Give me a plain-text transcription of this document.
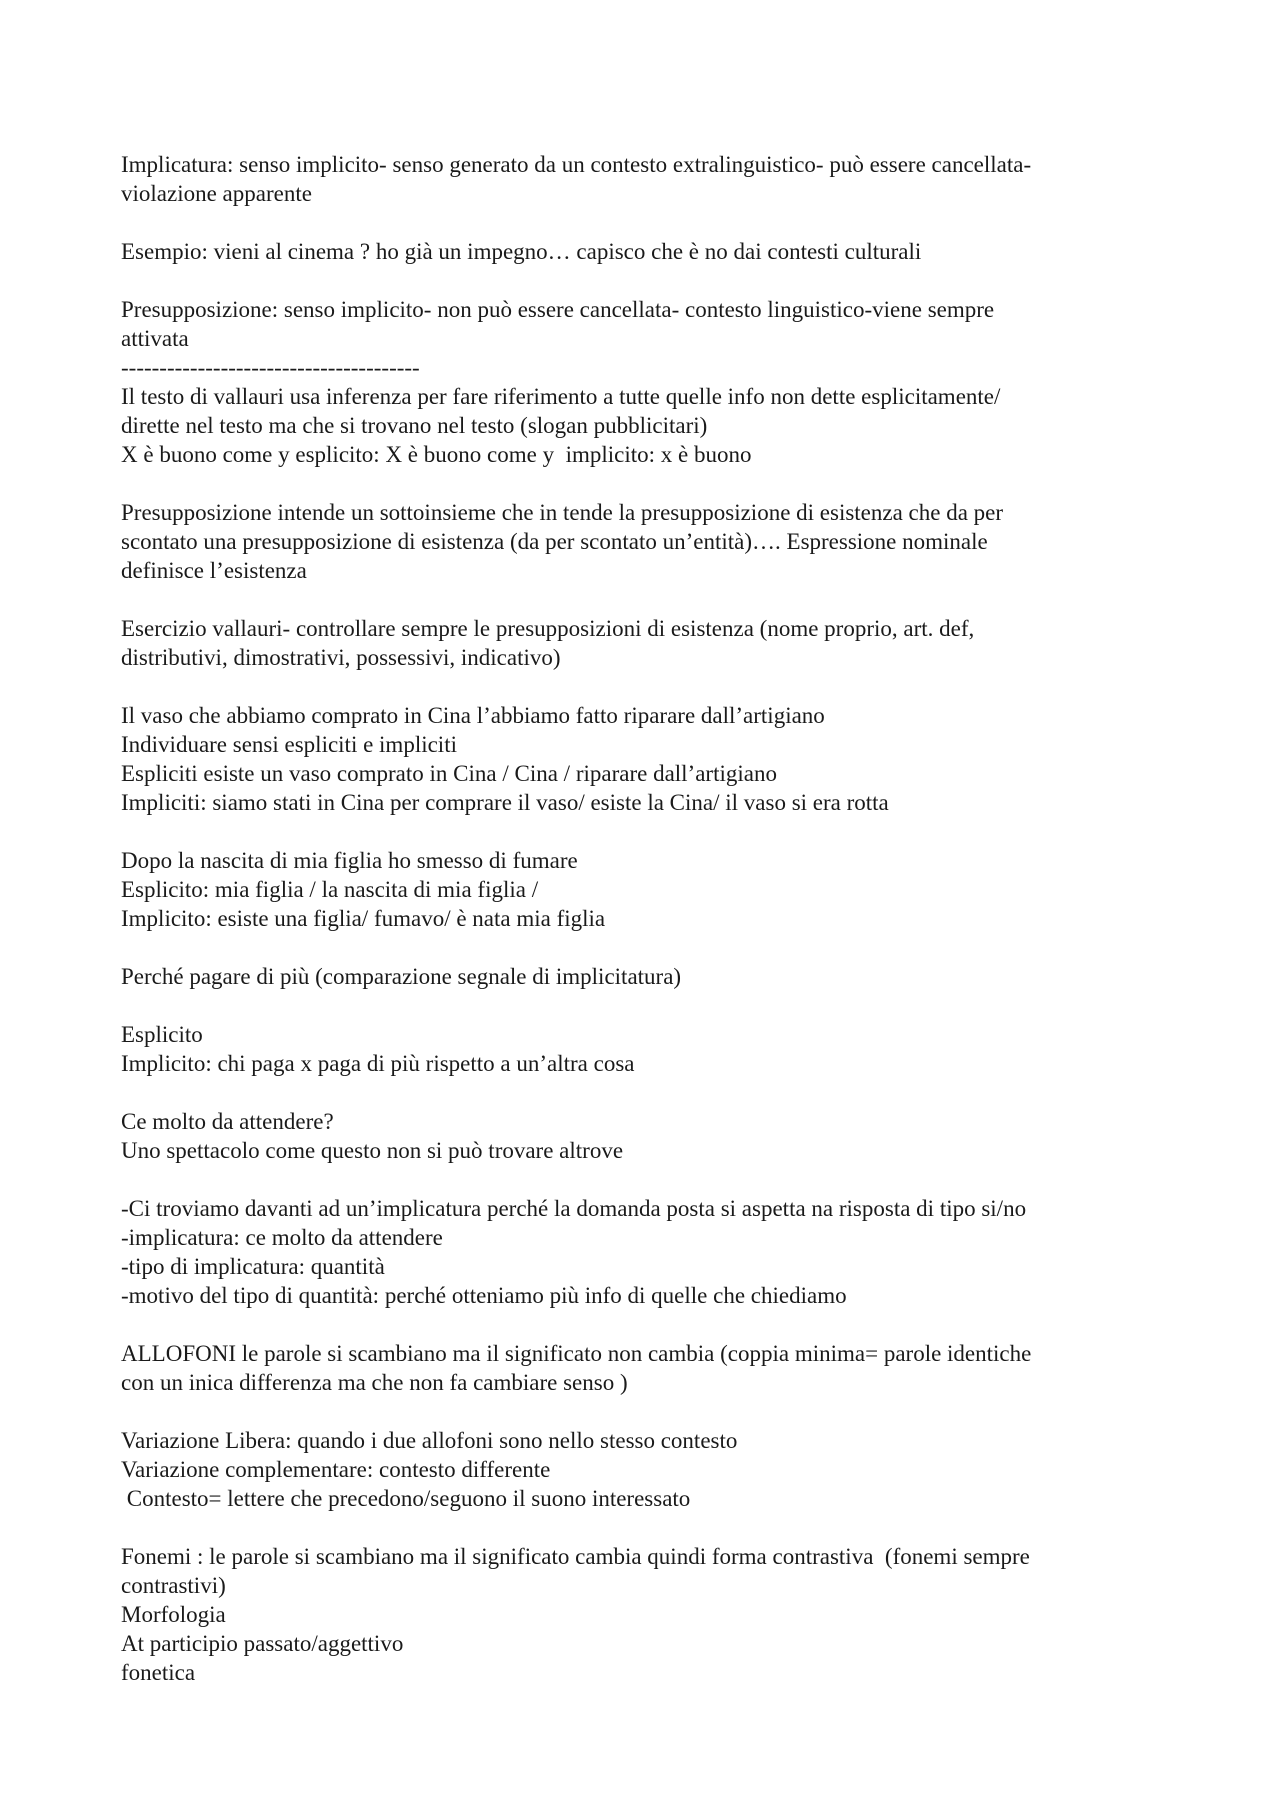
Implicatura: senso implicito- senso generato da un contesto extralinguistico- può essere cancellata-
violazione apparente
Esempio: vieni al cinema ? ho già un impegno… capisco che è no dai contesti culturali
Presupposizione: senso implicito- non può essere cancellata- contesto linguistico-viene sempre
attivata
---------------------------------------
Il testo di vallauri usa inferenza per fare riferimento a tutte quelle info non dette esplicitamente/
dirette nel testo ma che si trovano nel testo (slogan pubblicitari)
X è buono come y esplicito: X è buono come y  implicito: x è buono
Presupposizione intende un sottoinsieme che in tende la presupposizione di esistenza che da per
scontato una presupposizione di esistenza (da per scontato un’entità)…. Espressione nominale
definisce l’esistenza
Esercizio vallauri- controllare sempre le presupposizioni di esistenza (nome proprio, art. def,
distributivi, dimostrativi, possessivi, indicativo)
Il vaso che abbiamo comprato in Cina l’abbiamo fatto riparare dall’artigiano
Individuare sensi espliciti e impliciti
Espliciti esiste un vaso comprato in Cina / Cina / riparare dall’artigiano
Impliciti: siamo stati in Cina per comprare il vaso/ esiste la Cina/ il vaso si era rotta
Dopo la nascita di mia figlia ho smesso di fumare
Esplicito: mia figlia / la nascita di mia figlia /
Implicito: esiste una figlia/ fumavo/ è nata mia figlia
Perché pagare di più (comparazione segnale di implicitatura)
Esplicito
Implicito: chi paga x paga di più rispetto a un’altra cosa
Ce molto da attendere?
Uno spettacolo come questo non si può trovare altrove
-Ci troviamo davanti ad un’implicatura perché la domanda posta si aspetta na risposta di tipo si/no
-implicatura: ce molto da attendere
-tipo di implicatura: quantità
-motivo del tipo di quantità: perché otteniamo più info di quelle che chiediamo
ALLOFONI le parole si scambiano ma il significato non cambia (coppia minima= parole identiche
con un inica differenza ma che non fa cambiare senso )
Variazione Libera: quando i due allofoni sono nello stesso contesto
Variazione complementare: contesto differente
Contesto= lettere che precedono/seguono il suono interessato
Fonemi : le parole si scambiano ma il significato cambia quindi forma contrastiva  (fonemi sempre
contrastivi)
Morfologia
At participio passato/aggettivo
fonetica
